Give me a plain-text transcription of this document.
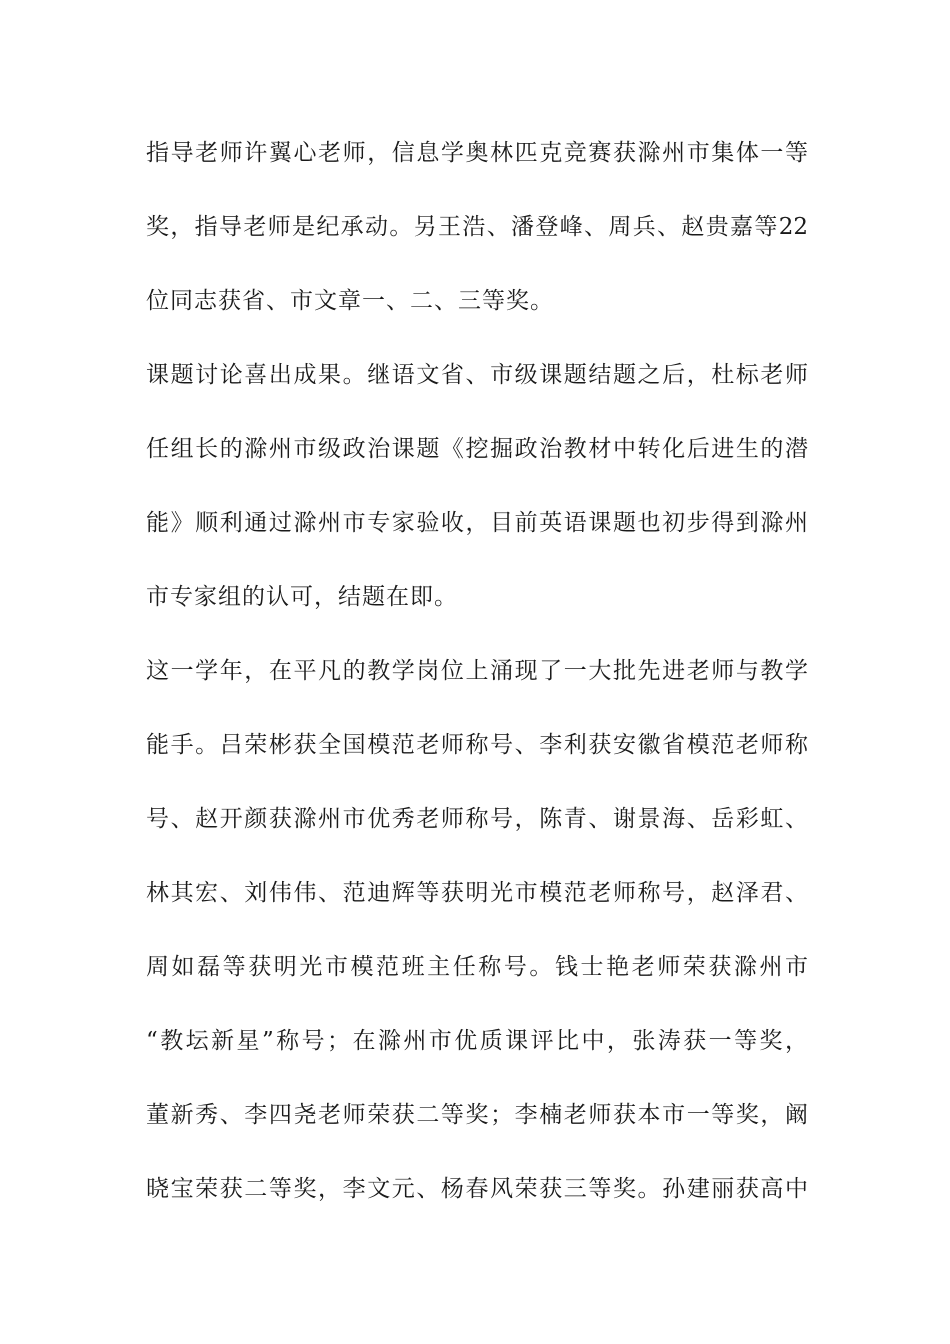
指导老师许翼心老师，信息学奥林匹克竞赛获滁州市集体一等
奖，指导老师是纪承动。另王浩、潘登峰、周兵、赵贵嘉等22
位同志获省、市文章一、二、三等奖。
课题讨论喜出成果。继语文省、市级课题结题之后，杜标老师
任组长的滁州市级政治课题《挖掘政治教材中转化后进生的潜
能》顺利通过滁州市专家验收，目前英语课题也初步得到滁州
市专家组的认可，结题在即。
这一学年，在平凡的教学岗位上涌现了一大批先进老师与教学
能手。吕荣彬获全国模范老师称号、李利获安徽省模范老师称
号、赵开颜获滁州市优秀老师称号，陈青、谢景海、岳彩虹、
林其宏、刘伟伟、范迪辉等获明光市模范老师称号，赵泽君、
周如磊等获明光市模范班主任称号。钱士艳老师荣获滁州市
“教坛新星”称号；在滁州市优质课评比中，张涛获一等奖，
董新秀、李四尧老师荣获二等奖；李楠老师获本市一等奖，阚
晓宝荣获二等奖，李文元、杨春风荣获三等奖。孙建丽获高中
